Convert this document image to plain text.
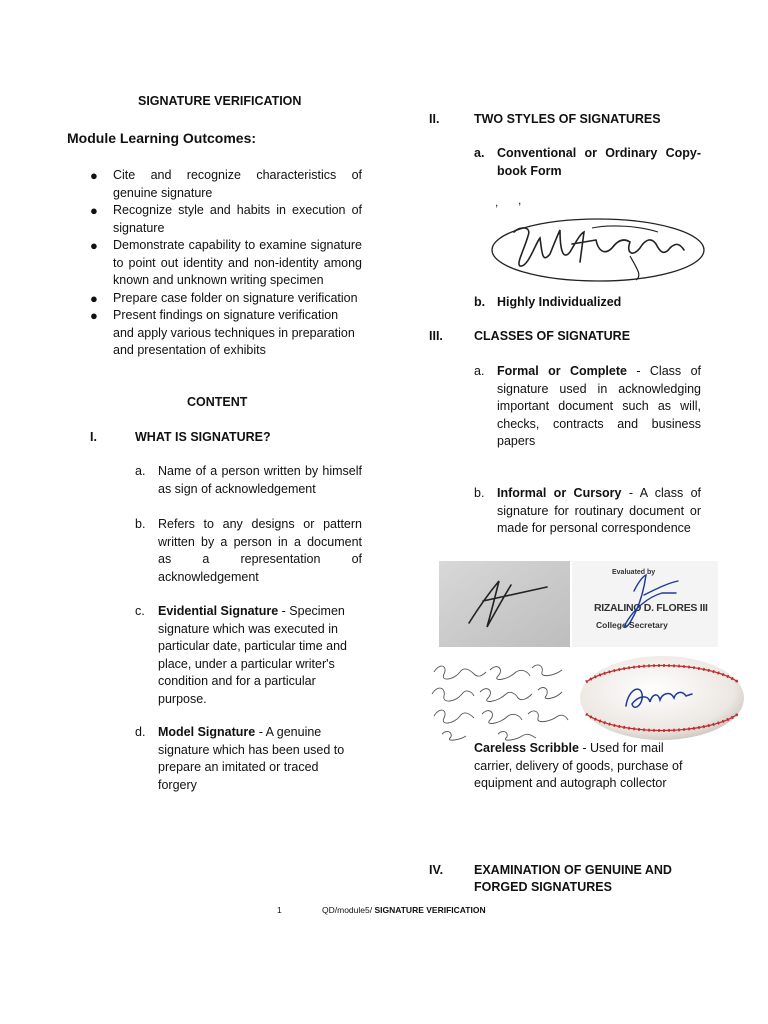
SIGNATURE VERIFICATION
Module Learning Outcomes:
● Cite and recognize characteristics of genuine signature
● Recognize style and habits in execution of signature
● Demonstrate capability to examine signature to point out identity and non-identity among known and unknown writing specimen
● Prepare case folder on signature verification
● Present findings on signature verification and apply various techniques in preparation and presentation of exhibits
CONTENT
I.	WHAT IS SIGNATURE?
a. Name of a person written by himself as sign of acknowledgement
b. Refers to any designs or pattern written by a person in a document as a representation of acknowledgement
c. Evidential Signature - Specimen signature which was executed in particular date, particular time and place, under a particular writer's condition and for a particular purpose.
d. Model Signature - A genuine signature which has been used to prepare an imitated or traced forgery
II.	TWO STYLES OF SIGNATURES
a. Conventional or Ordinary Copy-book Form
, ,
b. Highly Individualized
III. CLASSES OF SIGNATURE
a. Formal or Complete - Class of signature used in acknowledging important document such as will, checks, contracts and business papers
b. Informal or Cursory - A class of signature for routinary document or made for personal correspondence
Evaluated by
RIZALINO D. FLORES III
College Secretary
Careless Scribble - Used for mail carrier, delivery of goods, purchase of equipment and autograph collector
IV. EXAMINATION OF GENUINE AND
FORGED SIGNATURES
1	QD/module5/ SIGNATURE VERIFICATION
